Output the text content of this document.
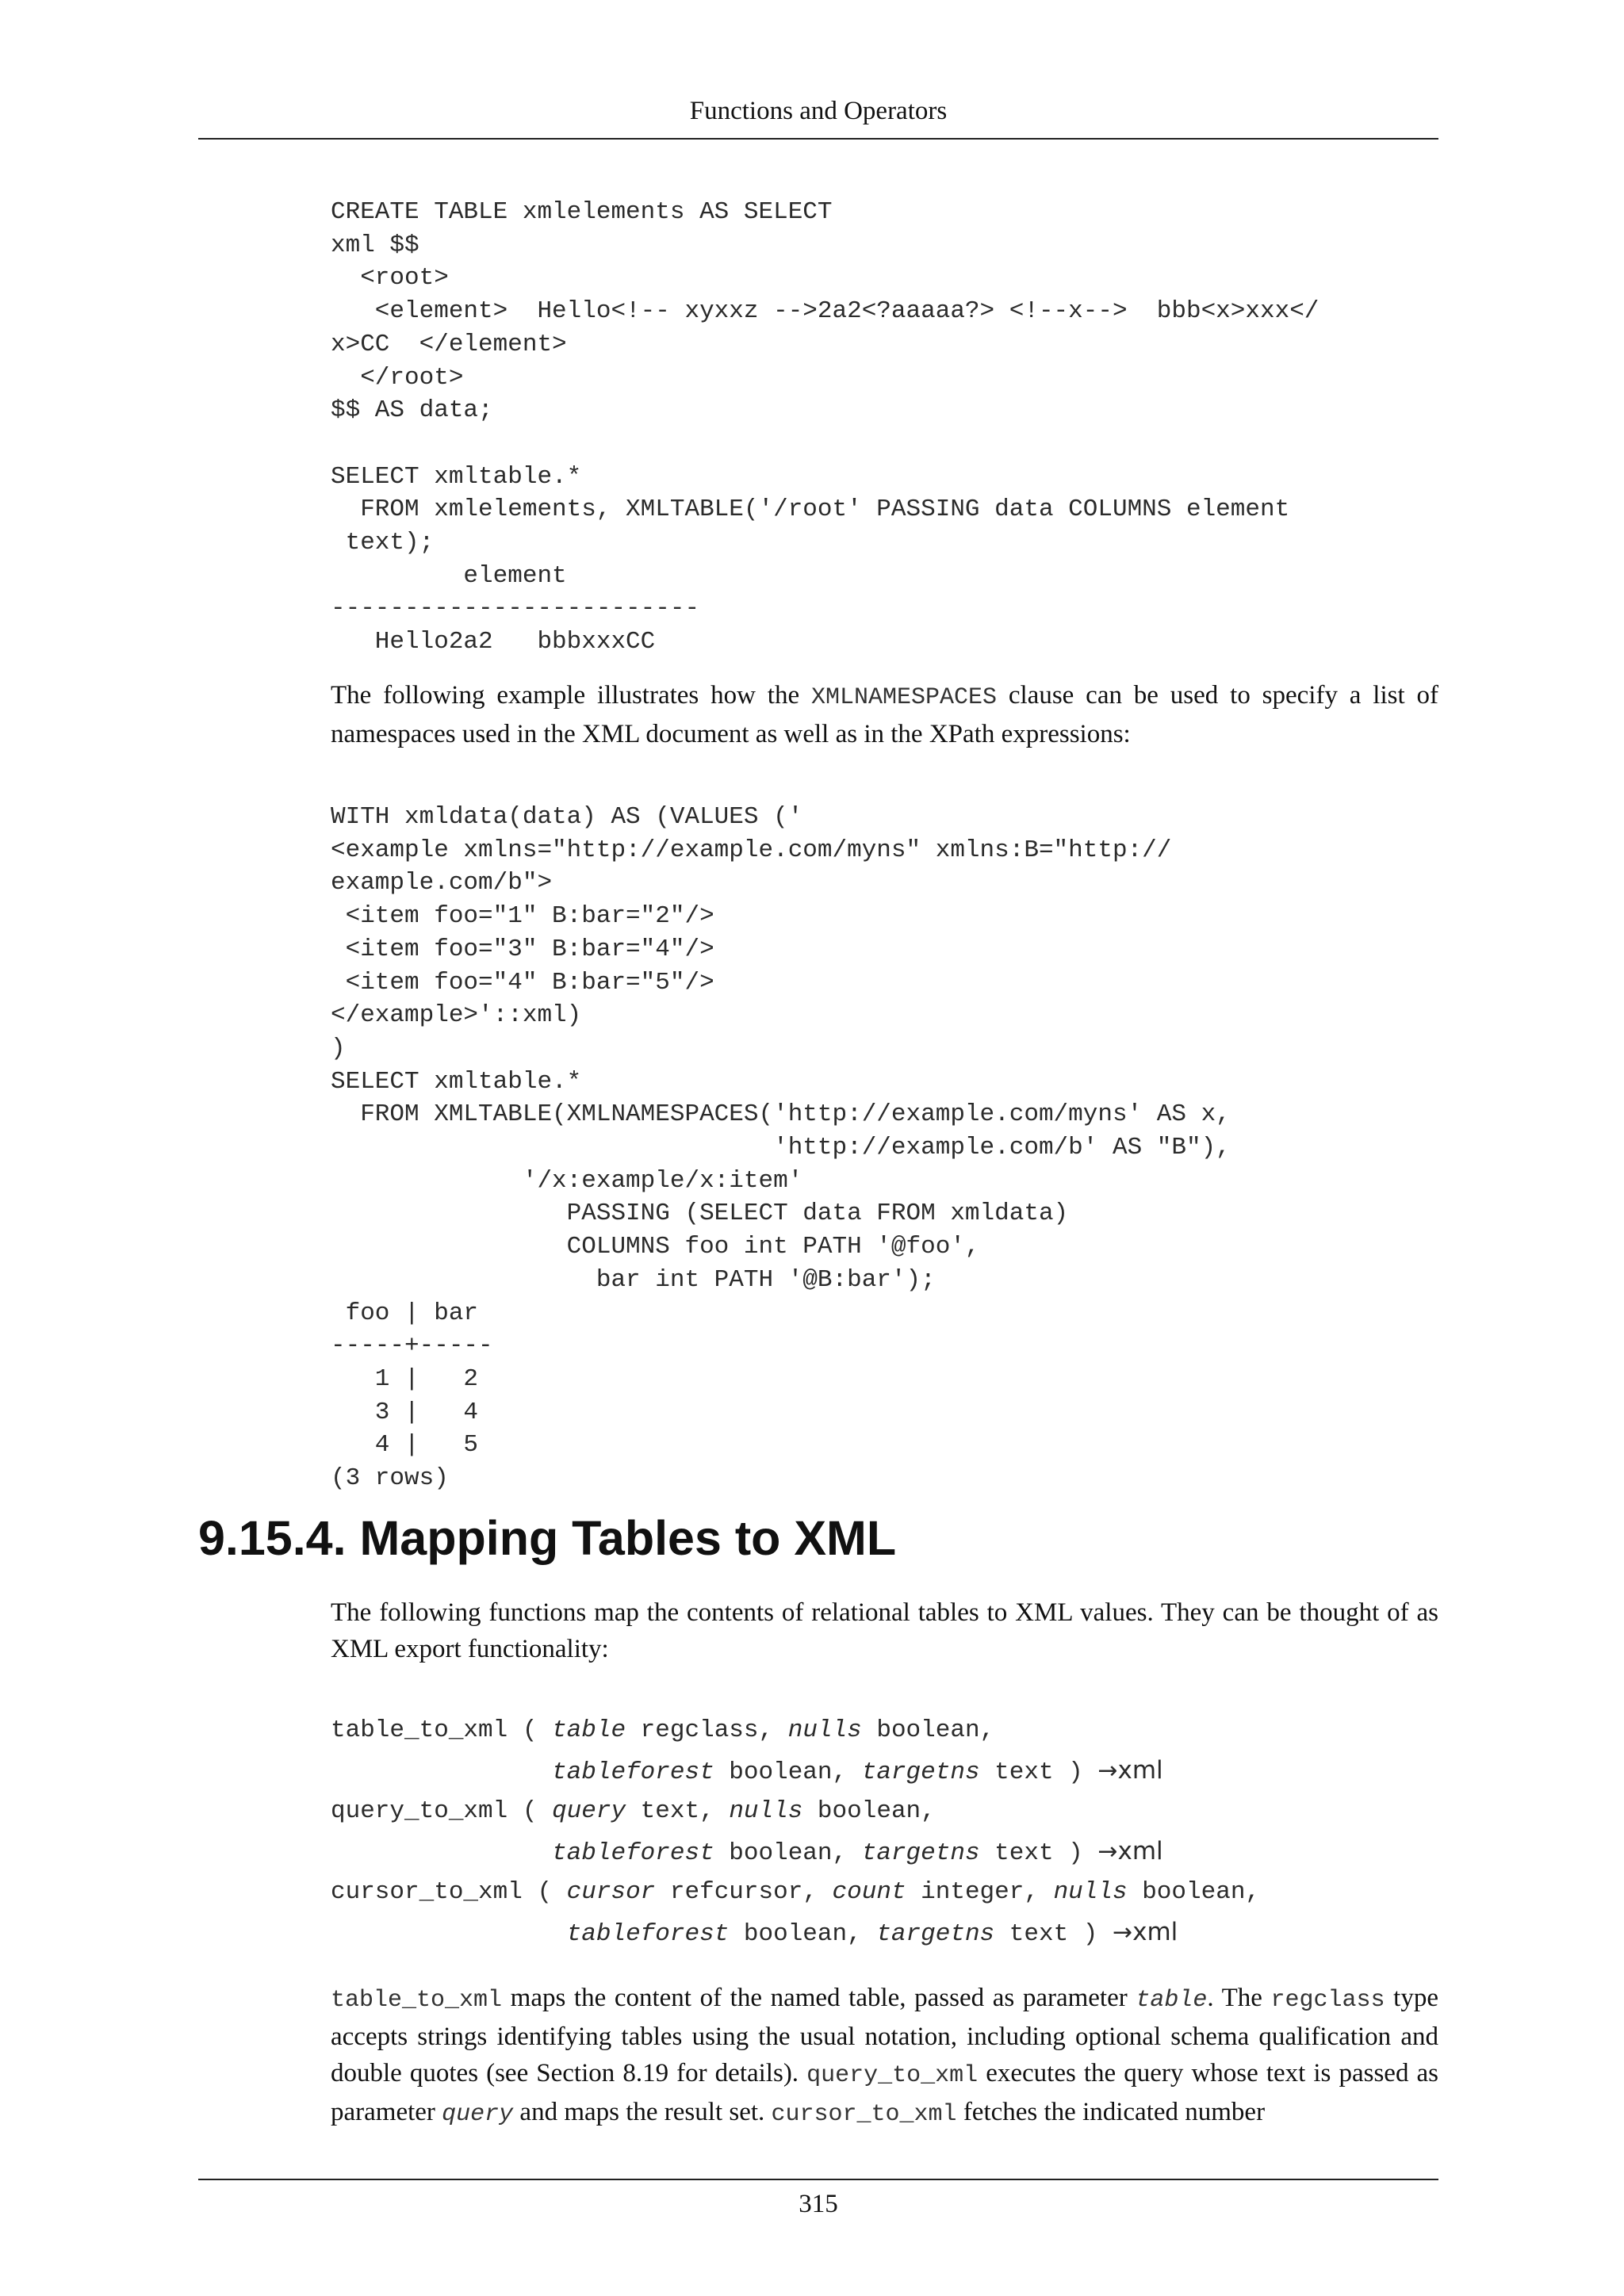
Functions and Operators
CREATE TABLE xmlelements AS SELECT
xml $$
<root>
<element>  Hello<!-- xyxxz -->2a2<?aaaaa?> <!--x-->  bbb<x>xxx</
x>CC  </element>
</root>
$$ AS data;

SELECT xmltable.*
FROM xmlelements, XMLTABLE('/root' PASSING data COLUMNS element
text);
element
-------------------------
Hello2a2   bbbxxxCC

The following example illustrates how the XMLNAMESPACES clause can be used to specify a list of namespaces used in the XML document as well as in the XPath expressions:

WITH xmldata(data) AS (VALUES ('
<example xmlns="http://example.com/myns" xmlns:B="http://
example.com/b">
<item foo="1" B:bar="2"/>
<item foo="3" B:bar="4"/>
<item foo="4" B:bar="5"/>
</example>'::xml)
)
SELECT xmltable.*
FROM XMLTABLE(XMLNAMESPACES('http://example.com/myns' AS x,
'http://example.com/b' AS "B"),
'/x:example/x:item'
PASSING (SELECT data FROM xmldata)
COLUMNS foo int PATH '@foo',
bar int PATH '@B:bar');
foo | bar
-----+-----
1 |   2
3 |   4
4 |   5
(3 rows)
9.15.4. Mapping Tables to XML

The following functions map the contents of relational tables to XML values. They can be thought of as XML export functionality:

table_to_xml ( table regclass, nulls boolean,
tableforest boolean, targetns text ) →xml
query_to_xml ( query text, nulls boolean,
tableforest boolean, targetns text ) →xml
cursor_to_xml ( cursor refcursor, count integer, nulls boolean,
tableforest boolean, targetns text ) →xml

table_to_xml maps the content of the named table, passed as parameter table. The regclass type accepts strings identifying tables using the usual notation, including optional schema qualification and double quotes (see Section 8.19 for details). query_to_xml executes the query whose text is passed as parameter query and maps the result set. cursor_to_xml fetches the indicated number

315
